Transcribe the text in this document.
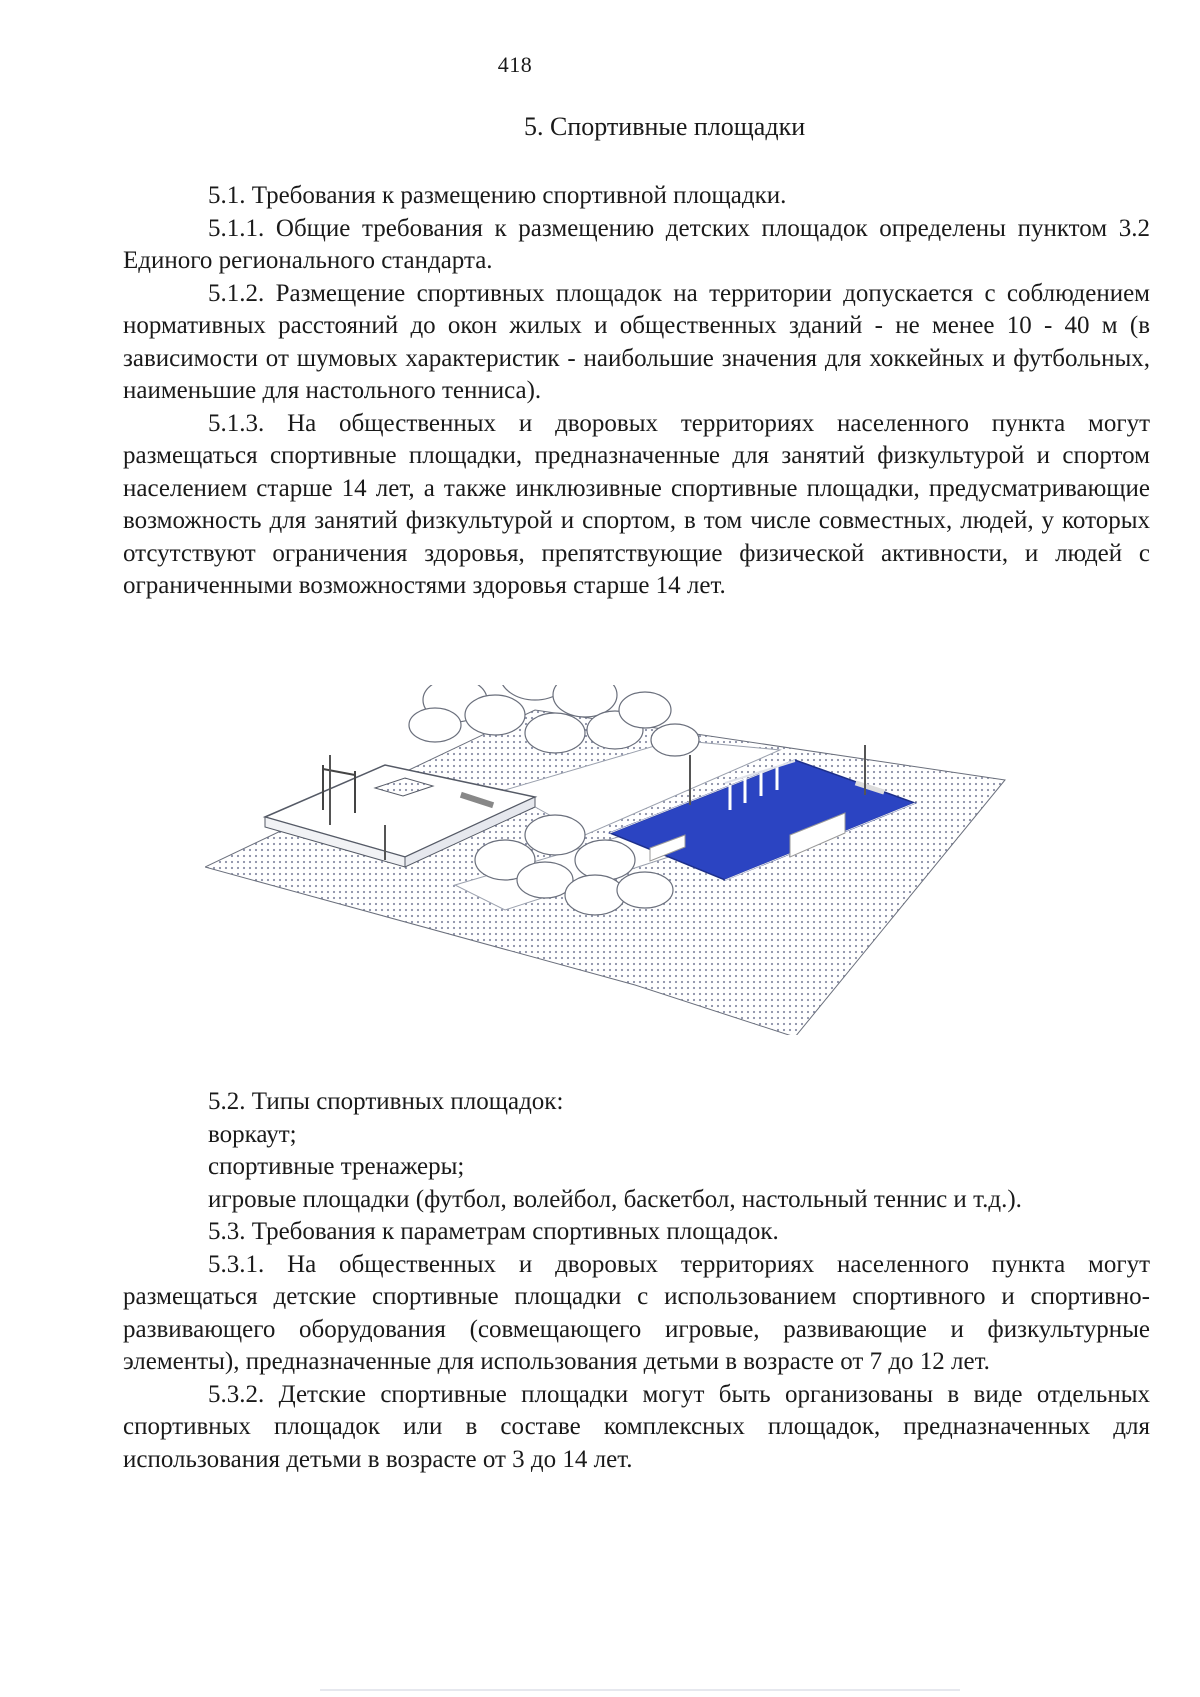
418
5. Спортивные площадки

5.1. Требования к размещению спортивной площадки.

5.1.1. Общие требования к размещению детских площадок определены пунктом 3.2 Единого регионального стандарта.

5.1.2. Размещение спортивных площадок на территории допускается с соблюдением нормативных расстояний до окон жилых и общественных зданий - не менее 10 - 40 м (в зависимости от шумовых характеристик - наибольшие значения для хоккейных и футбольных, наименьшие для настольного тенниса).

5.1.3. На общественных и дворовых территориях населенного пункта могут размещаться спортивные площадки, предназначенные для занятий физкультурой и спортом населением старше 14 лет, а также инклюзивные спортивные площадки, предусматривающие возможность для занятий физкультурой и спортом, в том числе совместных, людей, у которых отсутствуют ограничения здоровья, препятствующие физической активности, и людей с ограниченными возможностями здоровья старше 14 лет.

5.2. Типы спортивных площадок:

воркаут;

спортивные тренажеры;

игровые площадки (футбол, волейбол, баскетбол, настольный теннис и т.д.).

5.3. Требования к параметрам спортивных площадок.

5.3.1. На общественных и дворовых территориях населенного пункта могут размещаться детские спортивные площадки с использованием спортивного и спортивно-развивающего оборудования (совмещающего игровые, развивающие и физкультурные элементы), предназначенные для использования детьми в возрасте от 7 до 12 лет.

5.3.2. Детские спортивные площадки могут быть организованы в виде отдельных спортивных площадок или в составе комплексных площадок, предназначенных для использования детьми в возрасте от 3 до 14 лет.
